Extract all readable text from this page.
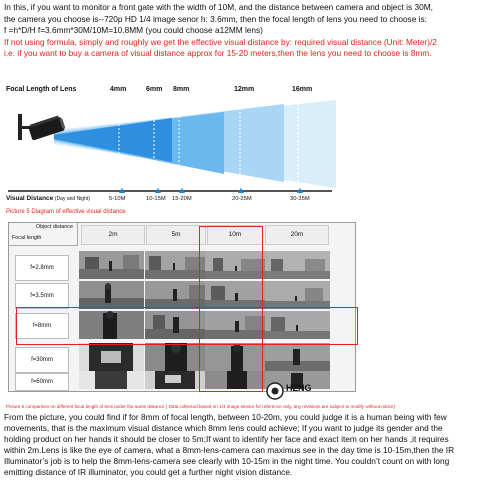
In this, if you want to monitor a front gate with the width of 10M, and the distance between camera and object is 30M,
the camera you choose is--720p HD 1/4 image senor h: 3.6mm, then the focal length of lens you need to choose is:
f =h*D/H f=3.6mm*30M/10M=10.8MM (you could choose a12MM lens)
If not using formula, simply and roughly we get the effective visual distance by: required visual distance (Unit: Meter)/2
i.e. if you want to buy a camera of visual distance approx for 15-20 meters,then the lens you need to choose is 8mm.
Focal Length of Lens	4mm	6mm 8mm	12mm	16mm
Visual Distance (Day and Night)	5-10M	10-15M 15-20M	20-25M	30-35M
Picture 5 Diagram of effective visual distance
Object distance
Focal length	2m	5m	10m	20m
f=2.8mm
f=3.5mm
f=8mm
f=30mm
f=60mm
HZNG
Picture 6 comparison on different focal length of lens under the same distance ( Data collected based on 1/4 image sensor for reference only, any revisions are subject to modify without notice)
From the picture, you could find if for 8mm of focal length, between 10-20m, you could judge it is a human being with few
movements, that is the maximum visual distance which 8mm lens could achieve; If you want to judge its gender and the
holding product on her hands it should be closer to 5m;If want to identify her face and exact item on her hands ,it requires
within 2m.Lens is like the eye of camera, what a 8mm-lens-camera can maximus see in the day time is 10-15m,then the IR
Illuminator’s job is to help the 8mm-lens-camera see clearly with 10-15m in the night time. You couldn’t count on with long
emitting distance of IR illuminator, you could get a further night vision distance.
